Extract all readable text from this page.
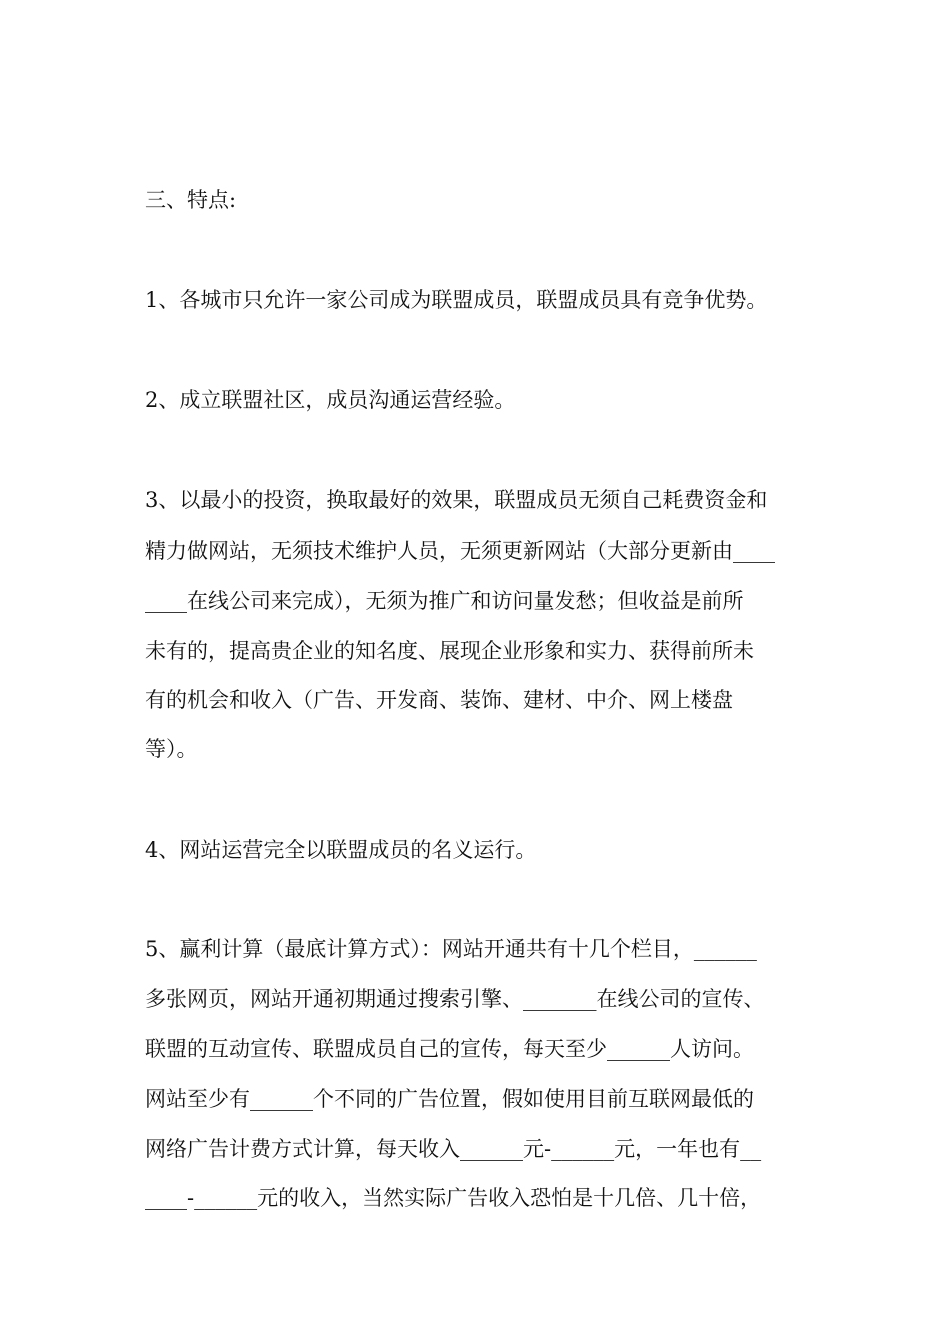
三、特点:

1、各城市只允许一家公司成为联盟成员，联盟成员具有竞争优势。

2、成立联盟社区，成员沟通运营经验。

3、以最小的投资，换取最好的效果，联盟成员无须自己耗费资金和

精力做网站，无须技术维护人员，无须更新网站（大部分更新由____

____在线公司来完成），无须为推广和访问量发愁；但收益是前所

未有的，提高贵企业的知名度、展现企业形象和实力、获得前所未

有的机会和收入（广告、开发商、装饰、建材、中介、网上楼盘

等）。

4、网站运营完全以联盟成员的名义运行。

5、赢利计算（最底计算方式）：网站开通共有十几个栏目，______

多张网页，网站开通初期通过搜索引擎、_______在线公司的宣传、

联盟的互动宣传、联盟成员自己的宣传，每天至少______人访问。

网站至少有______个不同的广告位置，假如使用目前互联网最低的

网络广告计费方式计算，每天收入______元-______元，一年也有__

____-______元的收入，当然实际广告收入恐怕是十几倍、几十倍，
